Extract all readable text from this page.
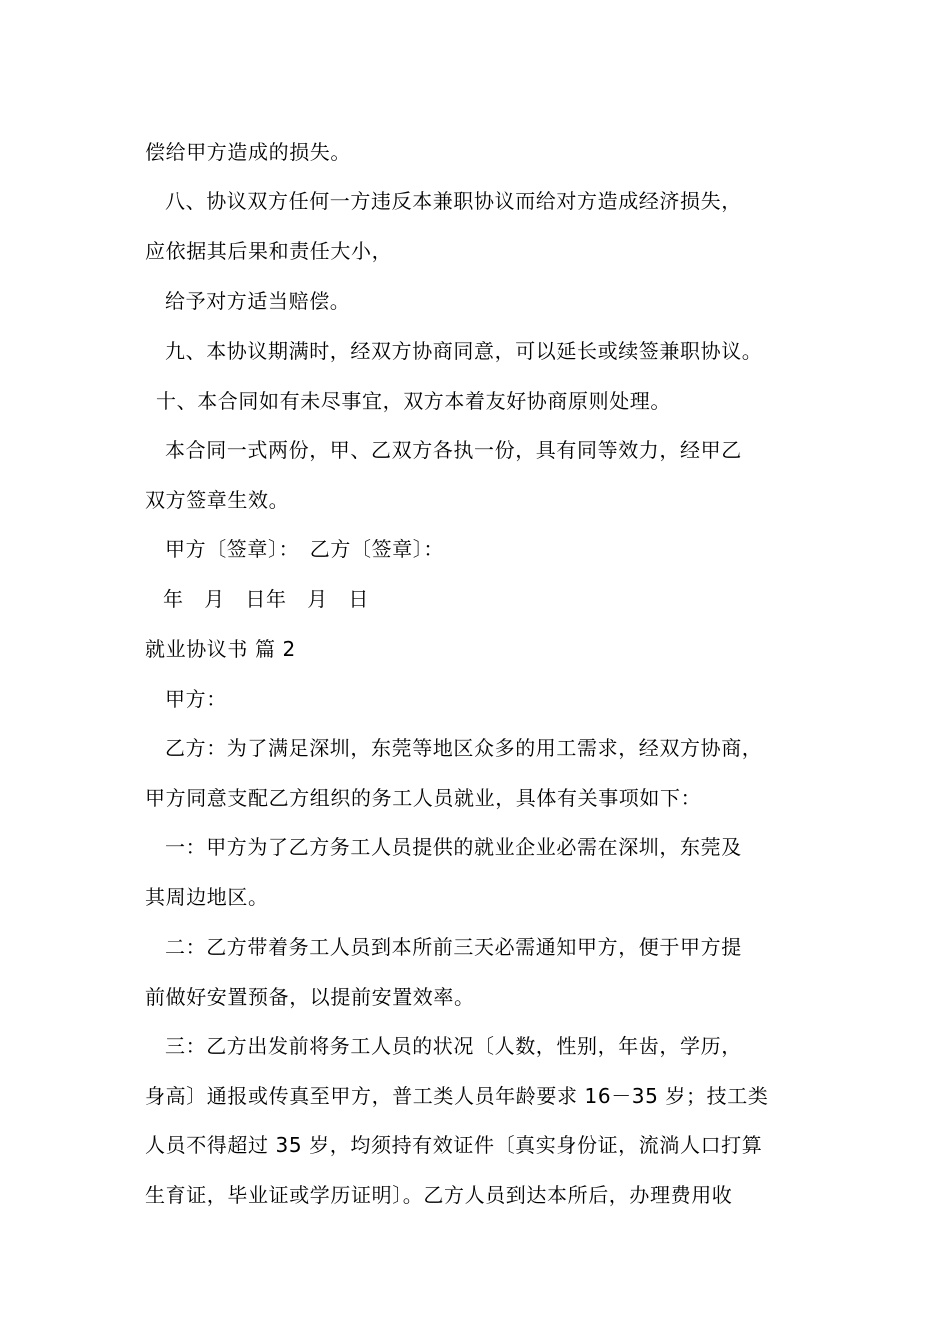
偿给甲方造成的损失。
八、协议双方任何一方违反本兼职协议而给对方造成经济损失，
应依据其后果和责任大小，
给予对方适当赔偿。
九、本协议期满时，经双方协商同意，可以延长或续签兼职协议。
十、本合同如有未尽事宜，双方本着友好协商原则处理。
本合同一式两份，甲、乙双方各执一份，具有同等效力，经甲乙
双方签章生效。
甲方〔签章〕：　乙方〔签章〕：
年　月　日年　月　日
就业协议书 篇 2
甲方：
乙方：为了满足深圳，东莞等地区众多的用工需求，经双方协商，
甲方同意支配乙方组织的务工人员就业，具体有关事项如下：
一：甲方为了乙方务工人员提供的就业企业必需在深圳，东莞及
其周边地区。
二：乙方带着务工人员到本所前三天必需通知甲方，便于甲方提
前做好安置预备，以提前安置效率。
三：乙方出发前将务工人员的状况〔人数，性别，年齿，学历，
身高〕通报或传真至甲方，普工类人员年龄要求 16－35 岁；技工类
人员不得超过 35 岁，均须持有效证件〔真实身份证，流淌人口打算
生育证，毕业证或学历证明〕。乙方人员到达本所后，办理费用收
